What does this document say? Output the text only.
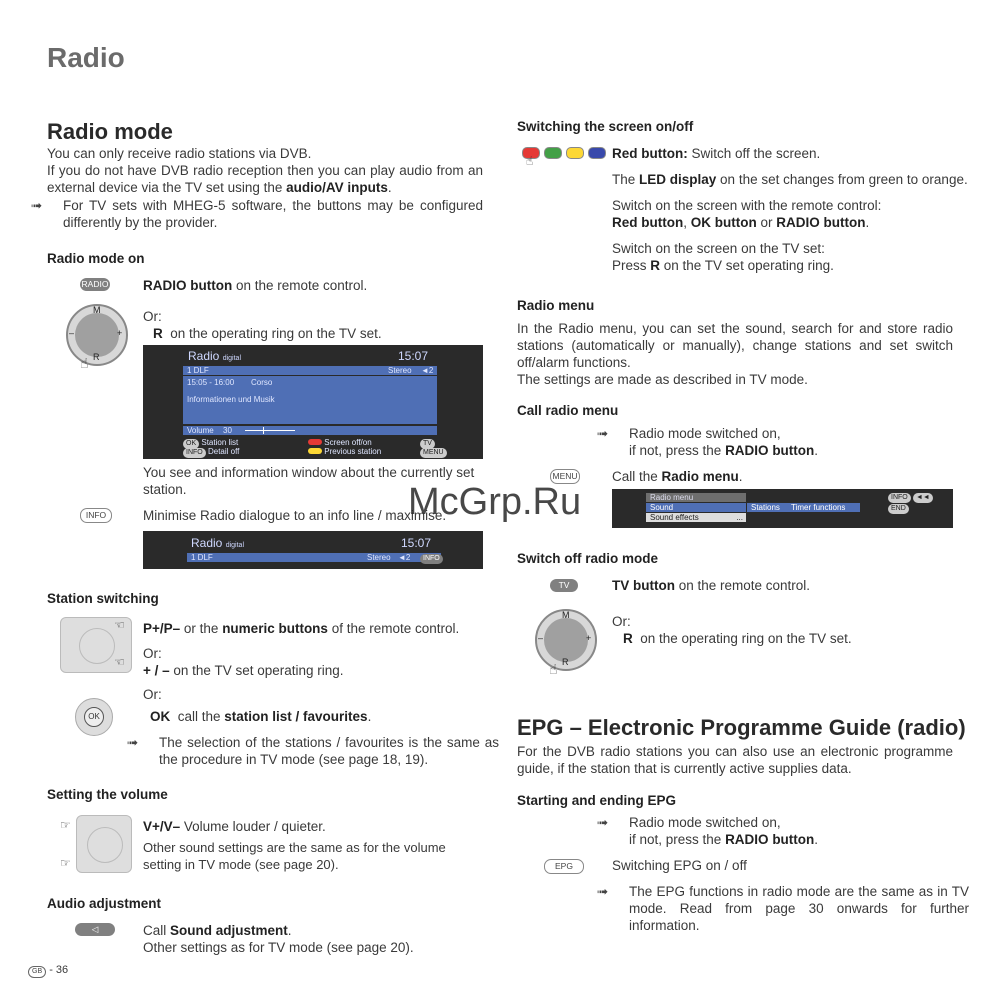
Radio
Radio mode

You can only receive radio stations via DVB.

If you do not have DVB radio reception then you can play audio from an external device via the TV set using the audio/AV inputs.

➟ For TV sets with MHEG-5 software, the buttons may be configured differently by the provider.

Radio mode on
RADIO	RADIO button on the remote control.

M
R
–	+
☝

Or:

R  on the operating ring on the TV set.

Radio digital	15:07
1 DLF	Stereo ◄2
15:05 - 16:00 Corso
Informationen und Musik
Volume 30
OK Station list	Screen off/on	TV
INFO Detail off	Previous station	MENU

You see and information window about the currently set station.

INFO	Minimise Radio dialogue to an info line / maximise.

Radio digital	15:07
1 DLF	Stereo ◄2	INFO
Station switching
☜
☜

P+/P– or the numeric buttons of the remote control.

Or:

+ / – on the TV set operating ring.

Or:

OK	OK  call the station list / favourites.

➟ The selection of the stations / favourites is the same as the procedure in TV mode (see page 18, 19).

Setting the volume
☞
☞

V+/V– Volume louder / quieter.

Other sound settings are the same as for the volume setting in TV mode (see page 20).

Audio adjustment
◁	Call Sound adjustment.

Other settings as for TV mode (see page 20).

GB - 36
Switching the screen on/off
☝	Red button: Switch off the screen.

The LED display on the set changes from green to orange.

Switch on the screen with the remote control:

Red button, OK button or RADIO button.

Switch on the screen on the TV set:

Press R on the TV set operating ring.

Radio menu

In the Radio menu, you can set the sound, search for and store radio stations (automatically or manually), change stations and set switch off/alarm functions.

The settings are made as described in TV mode.

Call radio menu

➟ Radio mode switched on,
if not, press the RADIO button.

MENU	Call the Radio menu.

Radio menu
Sound
Sound effects	...
Stations Timer functions
INFO ◄◄ END
Switch off radio mode
TV	TV button on the remote control.

M
R
–	+
☝

Or:

R  on the operating ring on the TV set.

EPG – Electronic Programme Guide (radio)

For the DVB radio stations you can also use an electronic programme guide, if the station that is currently active supplies data.

Starting and ending EPG

➟ Radio mode switched on,
if not, press the RADIO button.

EPG	Switching EPG on / off

➟ The EPG functions in radio mode are the same as in TV mode. Read from page 30 onwards for further information.

McGrp.Ru
